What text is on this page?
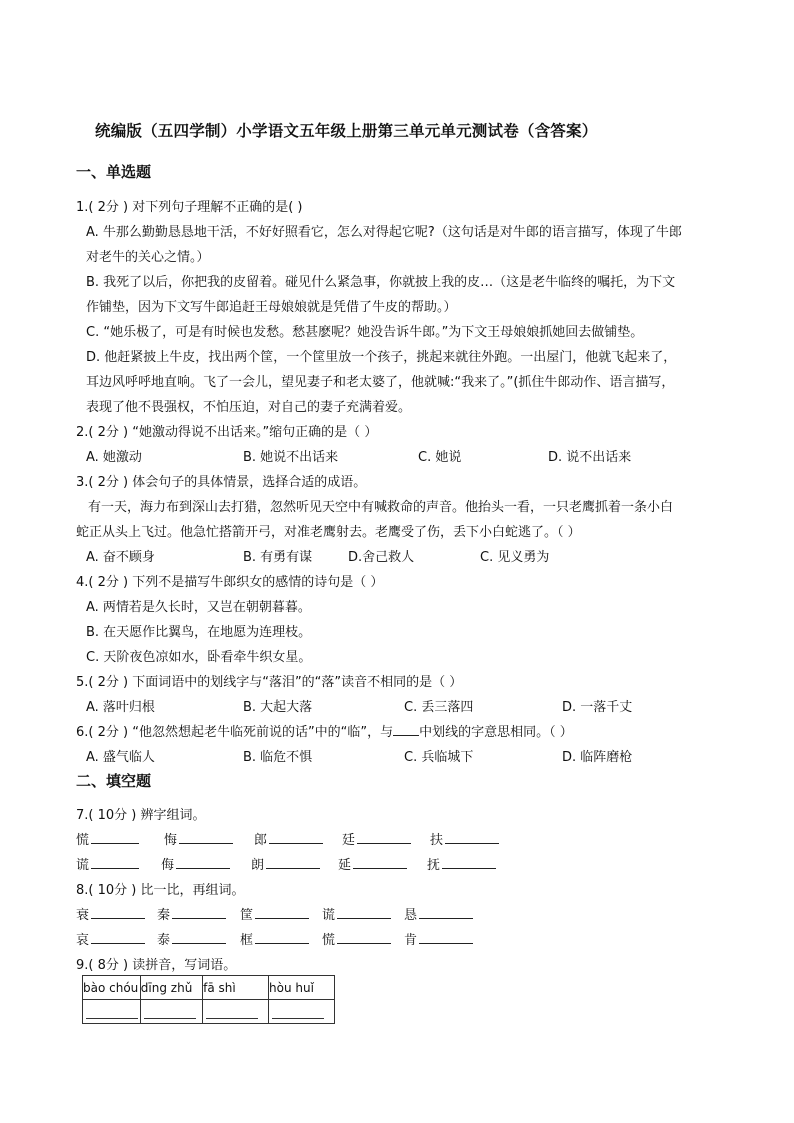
统编版（五四学制）小学语文五年级上册第三单元单元测试卷（含答案）
一、单选题
1.( 2分 ) 对下列句子理解不正确的是( )
A. 牛那么勤勤恳恳地干活，不好好照看它，怎么对得起它呢?（这句话是对牛郎的语言描写，体现了牛郎
对老牛的关心之情。）
B. 我死了以后，你把我的皮留着。碰见什么紧急事，你就披上我的皮…（这是老牛临终的嘱托，为下文
作铺垫，因为下文写牛郎追赶王母娘娘就是凭借了牛皮的帮助。）
C. “她乐极了，可是有时候也发愁。愁甚麽呢？她没告诉牛郎。”为下文王母娘娘抓她回去做铺垫。
D. 他赶紧披上牛皮，找出两个筐，一个筐里放一个孩子，挑起来就往外跑。一出屋门，他就飞起来了，
耳边风呼呼地直响。飞了一会儿，望见妻子和老太婆了，他就喊:“我来了。”(抓住牛郎动作、语言描写，
表现了他不畏强权，不怕压迫，对自己的妻子充满着爱。
2.( 2分 ) “她激动得说不出话来。”缩句正确的是（ ）
A. 她激动	B. 她说不出话来	C. 她说	D. 说不出话来
3.( 2分 ) 体会句子的具体情景，选择合适的成语。
有一天，海力布到深山去打猎，忽然听见天空中有喊救命的声音。他抬头一看，一只老鹰抓着一条小白
蛇正从头上飞过。他急忙搭箭开弓，对准老鹰射去。老鹰受了伤，丢下小白蛇逃了。（ ）
A. 奋不顾身	B. 有勇有谋	D.舍己救人	C. 见义勇为
4.( 2分 ) 下列不是描写牛郎织女的感情的诗句是（ ）
A. 两情若是久长时，又岂在朝朝暮暮。
B. 在天愿作比翼鸟，在地愿为连理枝。
C. 天阶夜色凉如水，卧看牵牛织女星。
5.( 2分 ) 下面词语中的划线字与“落泪”的“落”读音不相同的是（ ）
A. 落叶归根	B. 大起大落	C. 丢三落四	D. 一落千丈
6.( 2分 ) “他忽然想起老牛临死前说的话”中的“临”，与 中划线的字意思相同。（ ）
A. 盛气临人	B. 临危不惧	C. 兵临城下	D. 临阵磨枪
二、填空题
7.( 10分 ) 辨字组词。
慌	悔	郎	廷	扶
谎	侮	朗	延	抚
8.( 10分 ) 比一比，再组词。
衰	秦	筐	谎	恳
哀	泰	框	慌	肯
9.( 8分 ) 读拼音，写词语。
bào chóu	dīng zhǔ	fā shì	hòu huǐ
